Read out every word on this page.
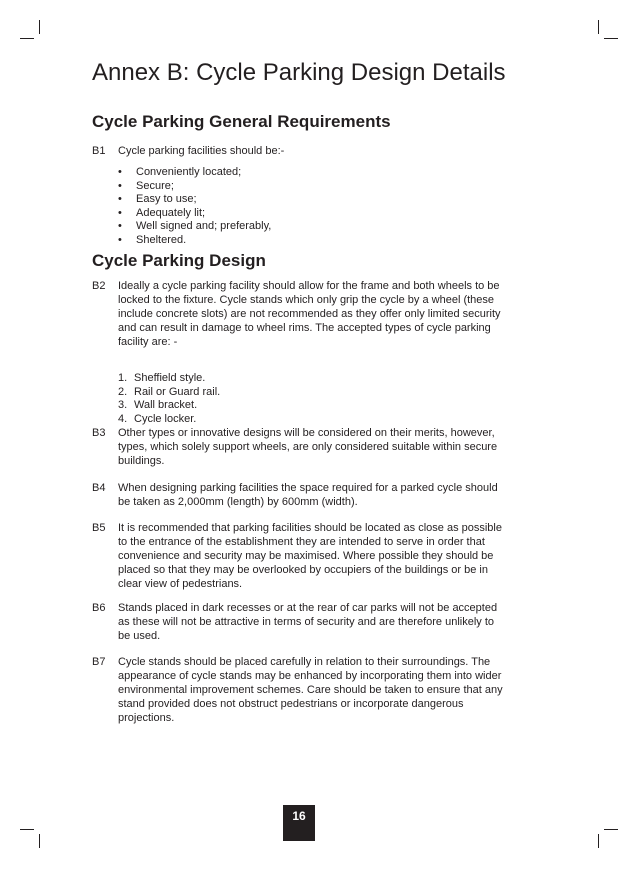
Annex B: Cycle Parking Design Details
Cycle Parking General Requirements
B1	Cycle parking facilities should be:-
• Conveniently located;
• Secure;
• Easy to use;
• Adequately lit;
• Well signed and; preferably,
• Sheltered.
Cycle Parking Design
B2	Ideally a cycle parking facility should allow for the frame and both wheels to be locked to the fixture. Cycle stands which only grip the cycle by a wheel (these include concrete slots) are not recommended as they offer only limited security and can result in damage to wheel rims. The accepted types of cycle parking facility are: -
1. Sheffield style.
2. Rail or Guard rail.
3. Wall bracket.
4. Cycle locker.
B3	Other types or innovative designs will be considered on their merits, however, types, which solely support wheels, are only considered suitable within secure buildings.
B4	When designing parking facilities the space required for a parked cycle should be taken as 2,000mm (length) by 600mm (width).
B5	It is recommended that parking facilities should be located as close as possible to the entrance of the establishment they are intended to serve in order that convenience and security may be maximised. Where possible they should be placed so that they may be overlooked by occupiers of the buildings or be in clear view of pedestrians.
B6	Stands placed in dark recesses or at the rear of car parks will not be accepted as these will not be attractive in terms of security and are therefore unlikely to be used.
B7	Cycle stands should be placed carefully in relation to their surroundings. The appearance of cycle stands may be enhanced by incorporating them into wider environmental improvement schemes. Care should be taken to ensure that any stand provided does not obstruct pedestrians or incorporate dangerous projections.
16
